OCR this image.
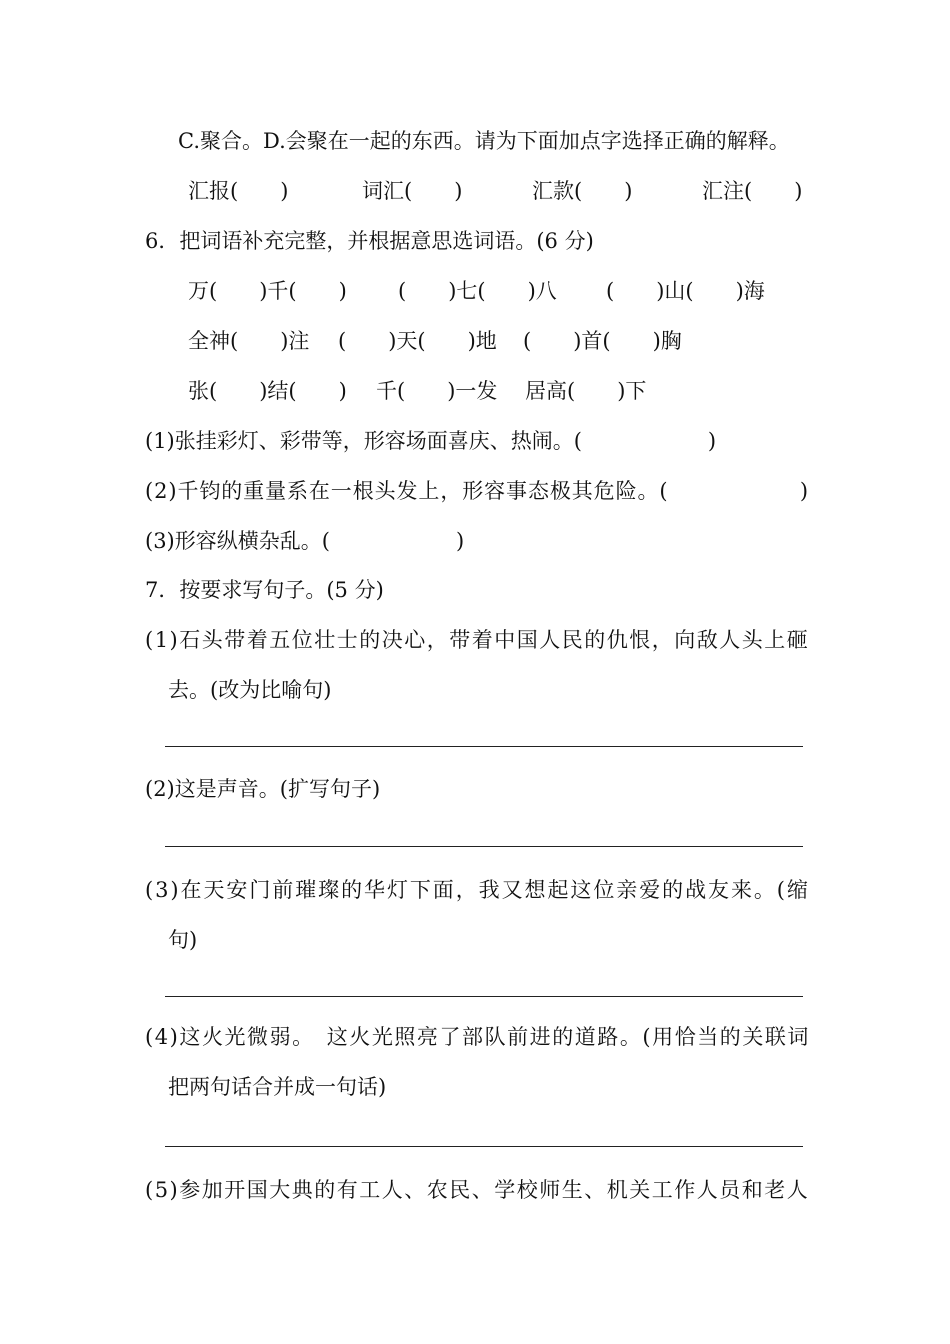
C.聚合。D.会聚在一起的东西。请为下面加点字选择正确的解释。
汇报(　　)	词汇(　　)	汇款(　　)	汇注(　　)
6．把词语补充完整，并根据意思选词语。(6 分)
万(　　)千(　　) (　　)七(　　)八 (　　)山(　　)海
全神(　　)注 (　　)天(　　)地 (　　)首(　　)胸
张(　　)结(　　) 千(　　)一发 居高(　　)下
(1)张挂彩灯、彩带等，形容场面喜庆、热闹。(　　　　　　)
(2)千钧的重量系在一根头发上，形容事态极其危险。(　　　　　　)
(3)形容纵横杂乱。(　　　　　　)
7．按要求写句子。(5 分)
(1)石头带着五位壮士的决心，带着中国人民的仇恨，向敌人头上砸
去。(改为比喻句)
(2)这是声音。(扩写句子)
(3)在天安门前璀璨的华灯下面，我又想起这位亲爱的战友来。(缩
句)
(4)这火光微弱。　这火光照亮了部队前进的道路。(用恰当的关联词
把两句话合并成一句话)
(5)参加开国大典的有工人、农民、学校师生、机关工作人员和老人
